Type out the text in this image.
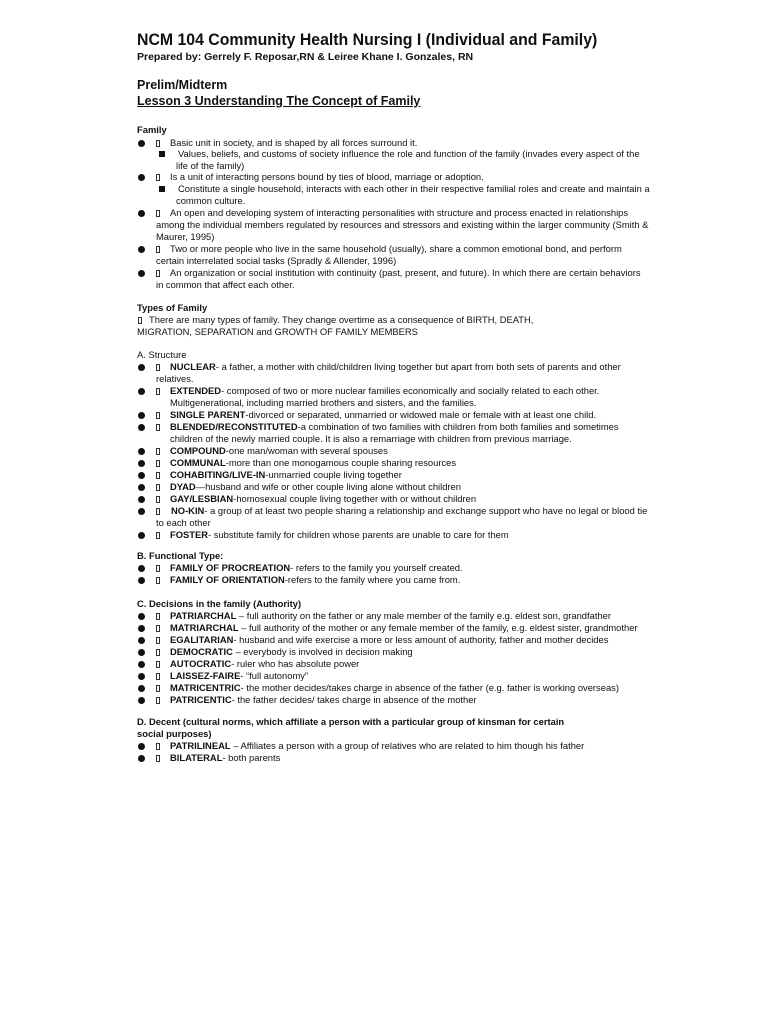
NCM 104 Community Health Nursing I (Individual and Family)
Prepared by: Gerrely F. Reposar,RN & Leiree Khane I. Gonzales, RN
Prelim/Midterm
Lesson 3 Understanding The Concept of Family
Family
Basic unit in society, and is shaped by all forces surround it.
Values, beliefs, and customs of society influence the role and function of the family (invades every aspect of the
life of the family)
Is a unit of interacting persons bound by ties of blood, marriage or adoption.
Constitute a single household, interacts with each other in their respective familial roles and create and maintain a
common culture.
An open and developing system of interacting personalities with structure and process enacted in relationships
among the individual members regulated by resources and stressors and existing within the larger community (Smith &
Maurer, 1995)
Two or more people who live in the same household (usually), share a common emotional bond, and perform
certain interrelated social tasks (Spradly & Allender, 1996)
An organization or social institution with continuity (past, present, and future). In which there are certain behaviors
in common that affect each other.
Types of Family
There are many types of family. They change overtime as a consequence of BIRTH, DEATH,
MIGRATION, SEPARATION and GROWTH OF FAMILY MEMBERS
A. Structure
NUCLEAR- a father, a mother with child/children living together but apart from both sets of parents and other
relatives.
EXTENDED- composed of two or more nuclear families economically and socially related to each other.
Multigenerational, including married brothers and sisters, and the families.
SINGLE PARENT-divorced or separated, unmarried or widowed male or female with at least one child.
BLENDED/RECONSTITUTED-a combination of two families with children from both families and sometimes
children of the newly married couple. It is also a remarriage with children from previous marriage.
COMPOUND-one man/woman with several spouses
COMMUNAL-more than one monogamous couple sharing resources
COHABITING/LIVE-IN-unmarried couple living together
DYAD—husband and wife or other couple living alone without children
GAY/LESBIAN-homosexual couple living together with or without children
NO-KIN- a group of at least two people sharing a relationship and exchange support who have no legal or blood tie
to each other
FOSTER- substitute family for children whose parents are unable to care for them
B. Functional Type:
FAMILY OF PROCREATION- refers to the family you yourself created.
FAMILY OF ORIENTATION-refers to the family where you came from.
C. Decisions in the family (Authority)
PATRIARCHAL – full authority on the father or any male member of the family e.g. eldest son, grandfather
MATRIARCHAL – full authority of the mother or any female member of the family, e.g. eldest sister, grandmother
EGALITARIAN- husband and wife exercise a more or less amount of authority, father and mother decides
DEMOCRATIC – everybody is involved in decision making
AUTOCRATIC- ruler who has absolute power
LAISSEZ-FAIRE- “full autonomy”
MATRICENTRIC- the mother decides/takes charge in absence of the father (e.g. father is working overseas)
PATRICENTIC- the father decides/ takes charge in absence of the mother
D. Decent (cultural norms, which affiliate a person with a particular group of kinsman for certain
social purposes)
PATRILINEAL – Affiliates a person with a group of relatives who are related to him though his father
BILATERAL- both parents
